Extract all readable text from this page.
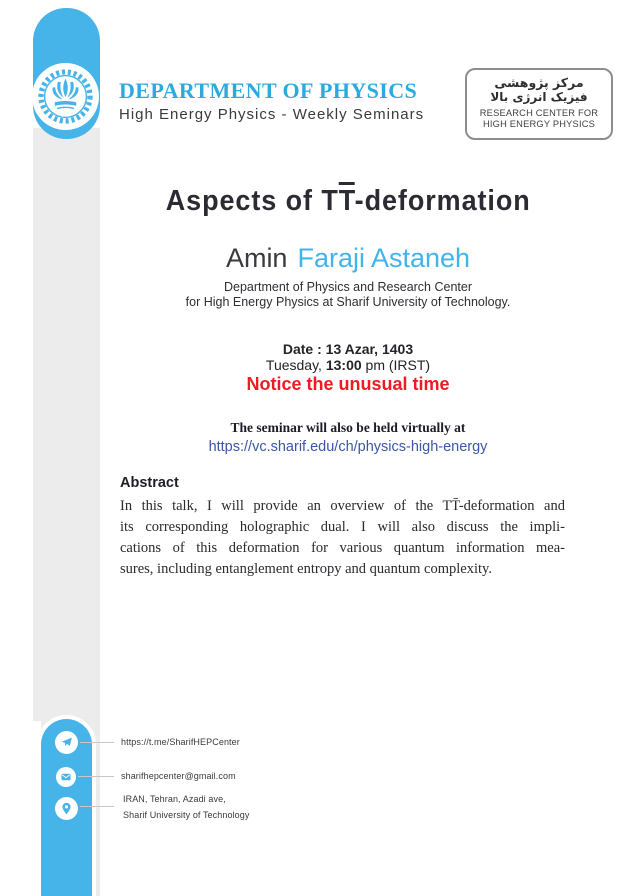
DEPARTMENT OF PHYSICS
High Energy Physics - Weekly Seminars
مرکز پژوهشی
فیزیک انرژی بالا
RESEARCH CENTER FOR
HIGH ENERGY PHYSICS
Aspects of $T\overline{T}$-deformation
Amin Faraji Astaneh
Department of Physics and Research Center
for High Energy Physics at Sharif University of Technology.
Date : 13 Azar, 1403
Tuesday, 13:00 pm (IRST)
Notice the unusual time
The seminar will also be held virtually at
https://vc.sharif.edu/ch/physics-high-energy
Abstract
In this talk, I will provide an overview of the TT̄-deformation and
its corresponding holographic dual. I will also discuss the impli-
cations of this deformation for various quantum information mea-
sures, including entanglement entropy and quantum complexity.
https://t.me/SharifHEPCenter
sharifhepcenter@gmail.com
IRAN, Tehran, Azadi ave,
Sharif University of Technology
